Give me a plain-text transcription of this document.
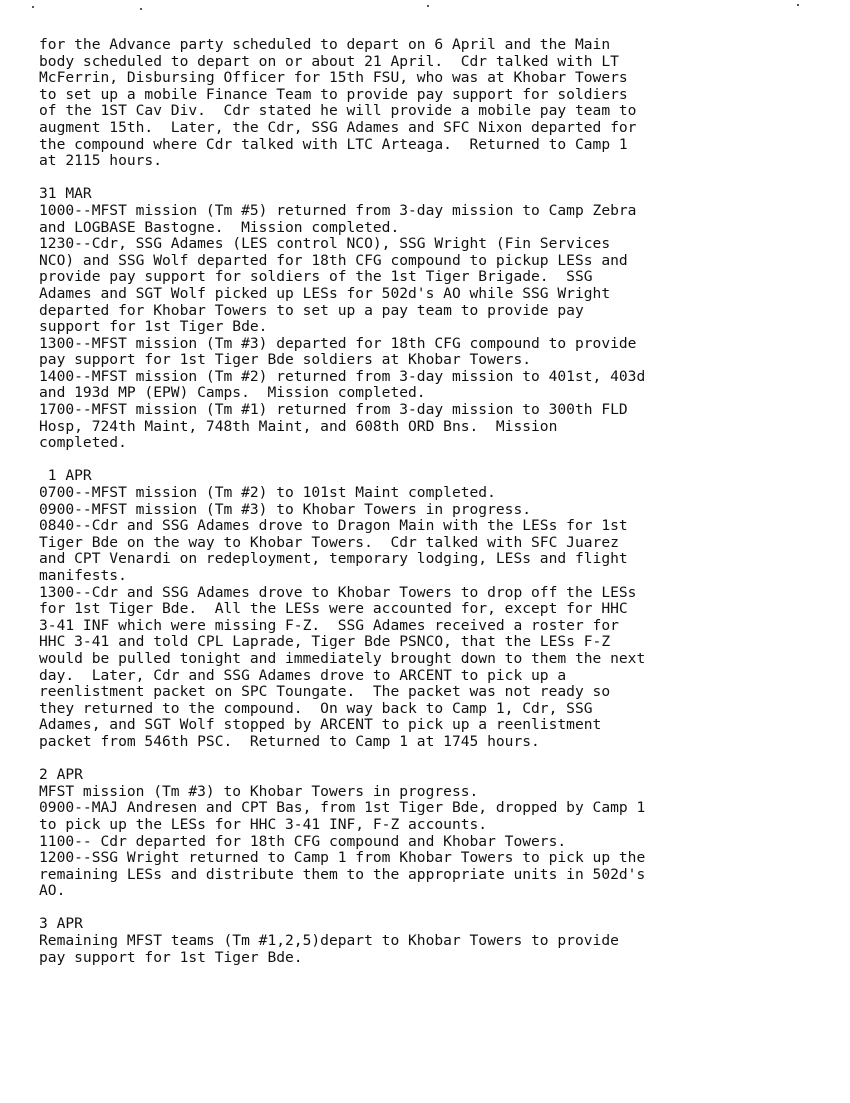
for the Advance party scheduled to depart on 6 April and the Main
body scheduled to depart on or about 21 April.  Cdr talked with LT
McFerrin, Disbursing Officer for 15th FSU, who was at Khobar Towers
to set up a mobile Finance Team to provide pay support for soldiers
of the 1ST Cav Div.  Cdr stated he will provide a mobile pay team to
augment 15th.  Later, the Cdr, SSG Adames and SFC Nixon departed for
the compound where Cdr talked with LTC Arteaga.  Returned to Camp 1
at 2115 hours.
31 MAR
1000--MFST mission (Tm #5) returned from 3-day mission to Camp Zebra
and LOGBASE Bastogne.  Mission completed.
1230--Cdr, SSG Adames (LES control NCO), SSG Wright (Fin Services
NCO) and SSG Wolf departed for 18th CFG compound to pickup LESs and
provide pay support for soldiers of the 1st Tiger Brigade.  SSG
Adames and SGT Wolf picked up LESs for 502d's AO while SSG Wright
departed for Khobar Towers to set up a pay team to provide pay
support for 1st Tiger Bde.
1300--MFST mission (Tm #3) departed for 18th CFG compound to provide
pay support for 1st Tiger Bde soldiers at Khobar Towers.
1400--MFST mission (Tm #2) returned from 3-day mission to 401st, 403d
and 193d MP (EPW) Camps.  Mission completed.
1700--MFST mission (Tm #1) returned from 3-day mission to 300th FLD
Hosp, 724th Maint, 748th Maint, and 608th ORD Bns.  Mission
completed.
1 APR
0700--MFST mission (Tm #2) to 101st Maint completed.
0900--MFST mission (Tm #3) to Khobar Towers in progress.
0840--Cdr and SSG Adames drove to Dragon Main with the LESs for 1st
Tiger Bde on the way to Khobar Towers.  Cdr talked with SFC Juarez
and CPT Venardi on redeployment, temporary lodging, LESs and flight
manifests.
1300--Cdr and SSG Adames drove to Khobar Towers to drop off the LESs
for 1st Tiger Bde.  All the LESs were accounted for, except for HHC
3-41 INF which were missing F-Z.  SSG Adames received a roster for
HHC 3-41 and told CPL Laprade, Tiger Bde PSNCO, that the LESs F-Z
would be pulled tonight and immediately brought down to them the next
day.  Later, Cdr and SSG Adames drove to ARCENT to pick up a
reenlistment packet on SPC Toungate.  The packet was not ready so
they returned to the compound.  On way back to Camp 1, Cdr, SSG
Adames, and SGT Wolf stopped by ARCENT to pick up a reenlistment
packet from 546th PSC.  Returned to Camp 1 at 1745 hours.
2 APR
MFST mission (Tm #3) to Khobar Towers in progress.
0900--MAJ Andresen and CPT Bas, from 1st Tiger Bde, dropped by Camp 1
to pick up the LESs for HHC 3-41 INF, F-Z accounts.
1100-- Cdr departed for 18th CFG compound and Khobar Towers.
1200--SSG Wright returned to Camp 1 from Khobar Towers to pick up the
remaining LESs and distribute them to the appropriate units in 502d's
AO.
3 APR
Remaining MFST teams (Tm #1,2,5)depart to Khobar Towers to provide
pay support for 1st Tiger Bde.
